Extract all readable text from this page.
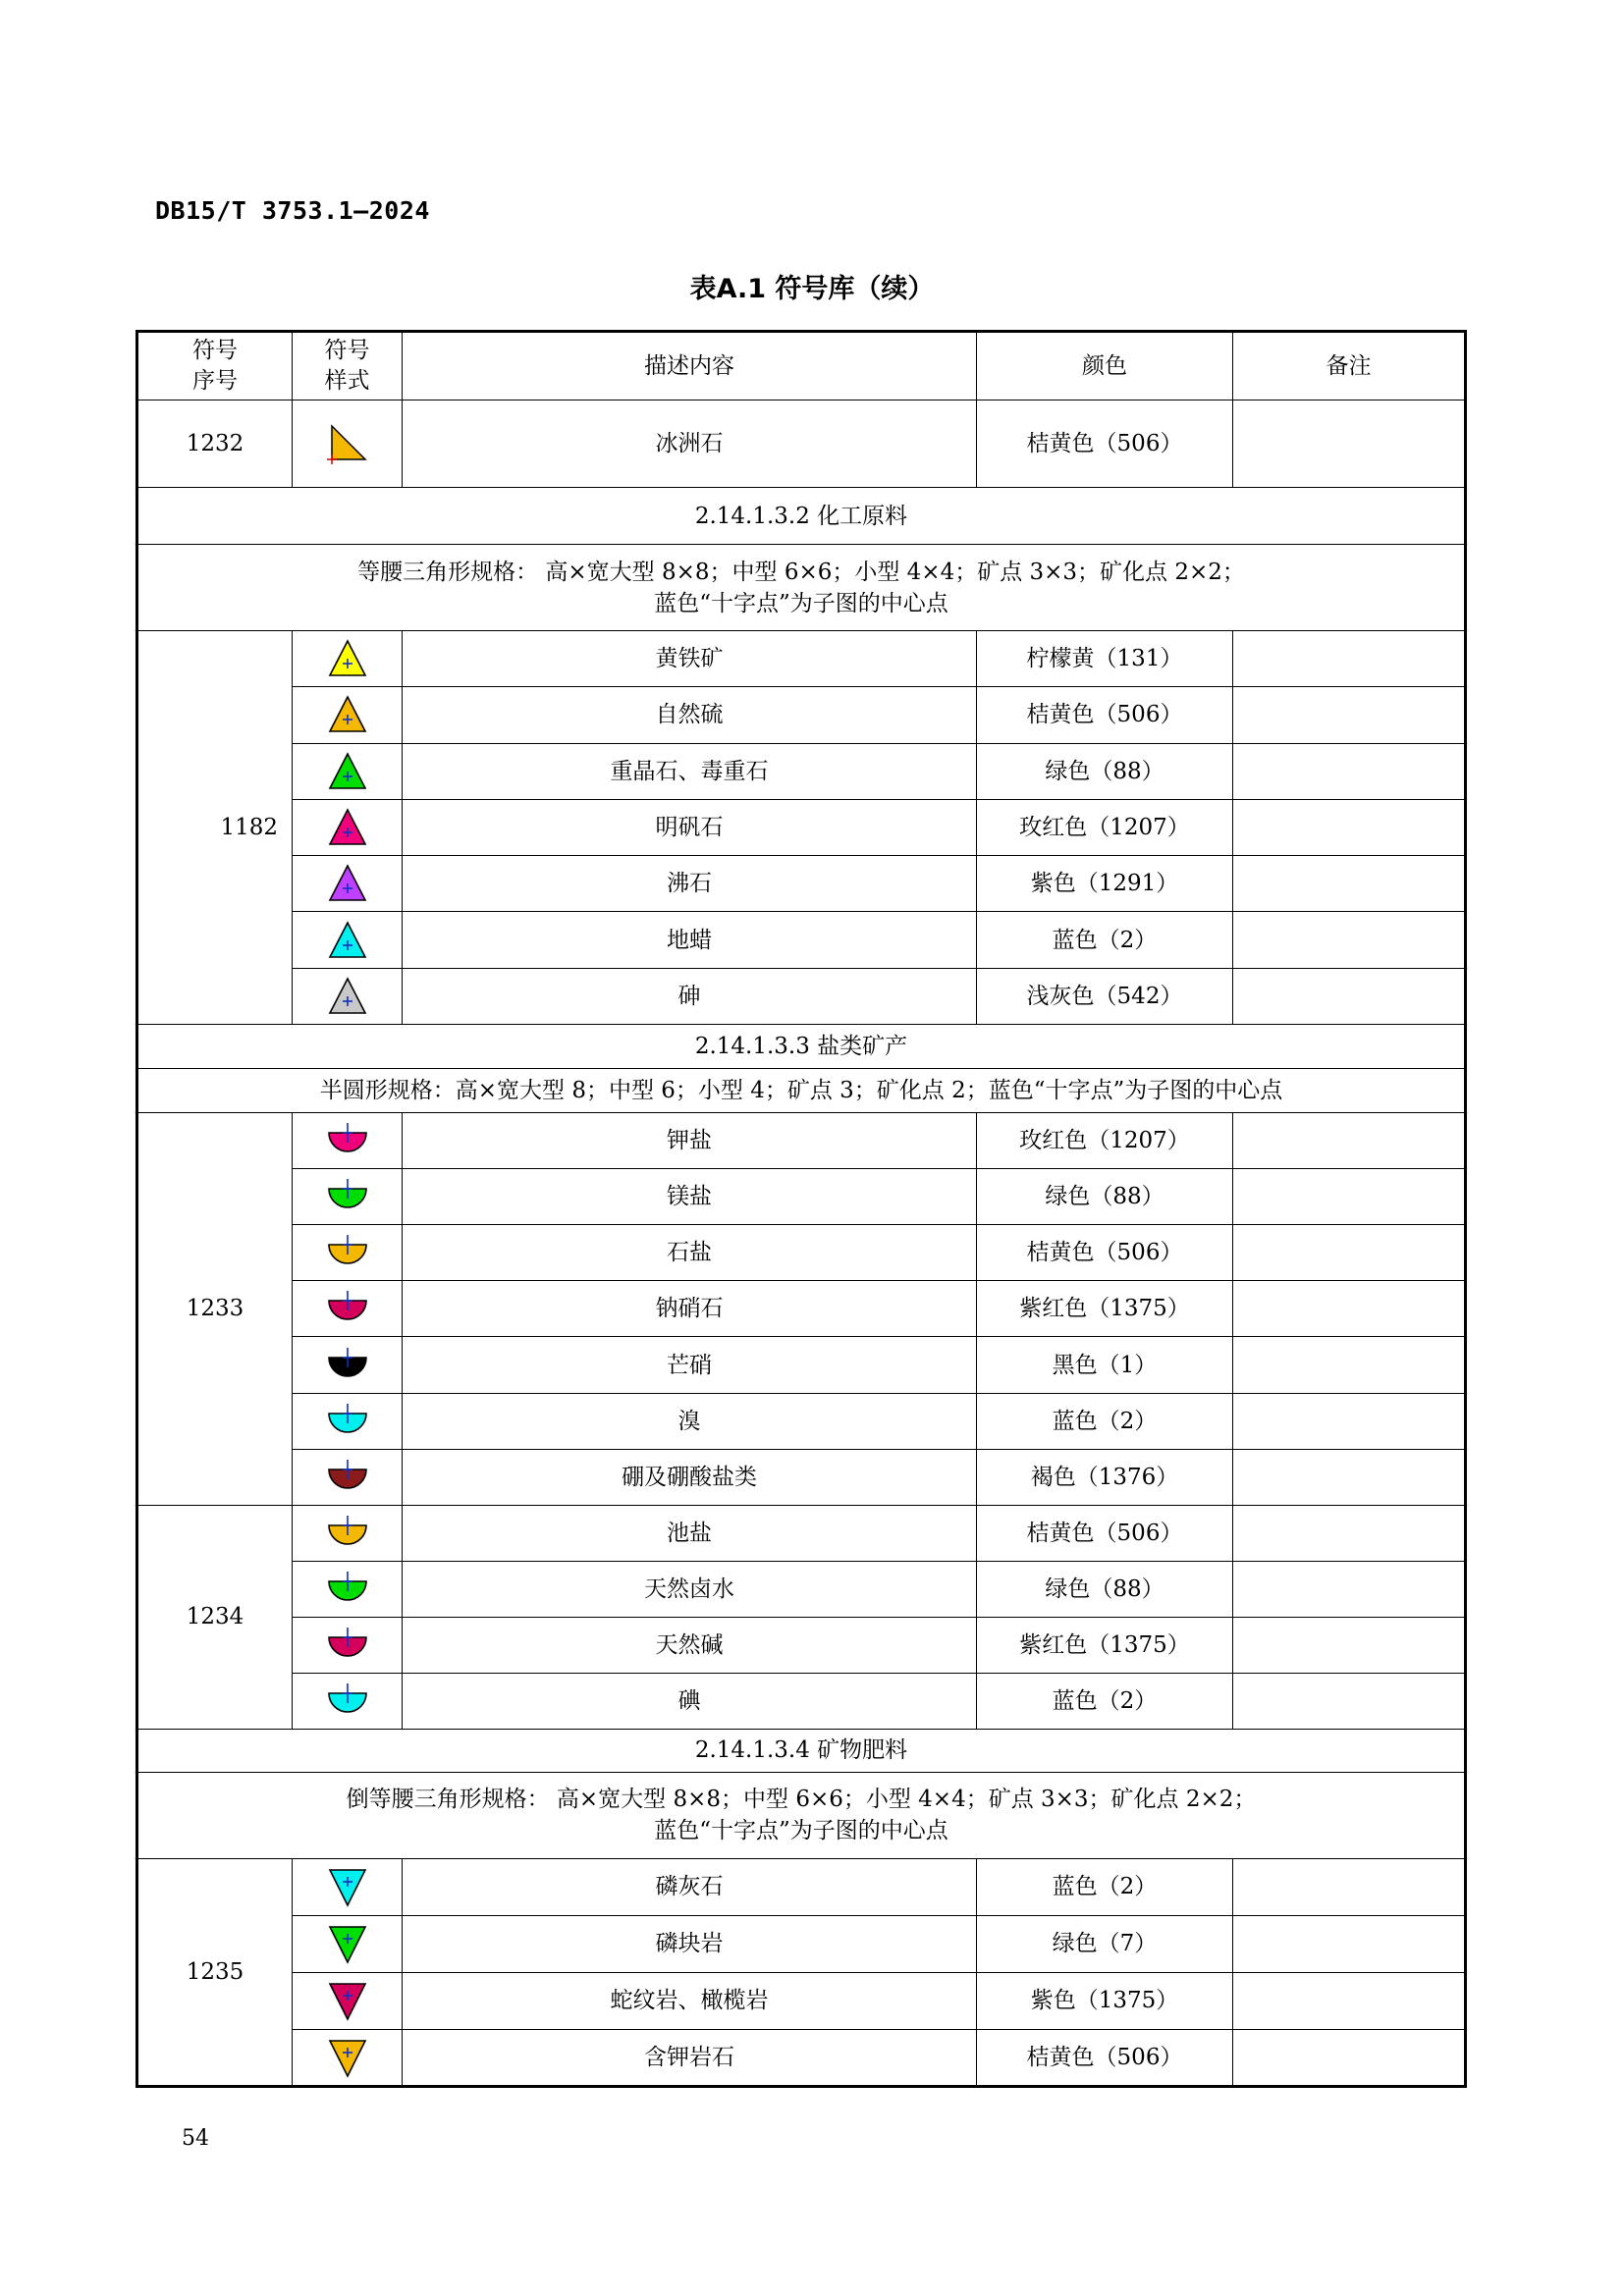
DB15/T 3753.1—2024
表A.1 符号库（续）
符号
序号	符号
样式	描述内容	颜色	备注
1232		冰洲石	桔黄色（506）	
2.14.1.3.2 化工原料				

等腰三角形规格： 高×宽大型 8×8；中型 6×6；小型 4×4；矿点 3×3；矿化点 2×2；
蓝色“十字点”为子图的中心点				

1182		黄铁矿	柠檬黄（131）	

	自然硫	桔黄色（506）	

	重晶石、毒重石	绿色（88）	

	明矾石	玫红色（1207）	

	沸石	紫色（1291）	

	地蜡	蓝色（2）	

	砷	浅灰色（542）	
2.14.1.3.3 盐类矿产				
半圆形规格：高×宽大型 8；中型 6；小型 4；矿点 3；矿化点 2；蓝色“十字点”为子图的中心点				
1233		钾盐	玫红色（1207）	

	镁盐	绿色（88）	

	石盐	桔黄色（506）	

	钠硝石	紫红色（1375）	

	芒硝	黑色（1）	

	溴	蓝色（2）	

	硼及硼酸盐类	褐色（1376）	
1234		池盐	桔黄色（506）	

	天然卤水	绿色（88）	

	天然碱	紫红色（1375）	

	碘	蓝色（2）	
2.14.1.3.4 矿物肥料				

倒等腰三角形规格： 高×宽大型 8×8；中型 6×6；小型 4×4；矿点 3×3；矿化点 2×2；
蓝色“十字点”为子图的中心点				

1235		磷灰石	蓝色（2）	

	磷块岩	绿色（7）	

	蛇纹岩、橄榄岩	紫色（1375）	

	含钾岩石	桔黄色（506）	
54
